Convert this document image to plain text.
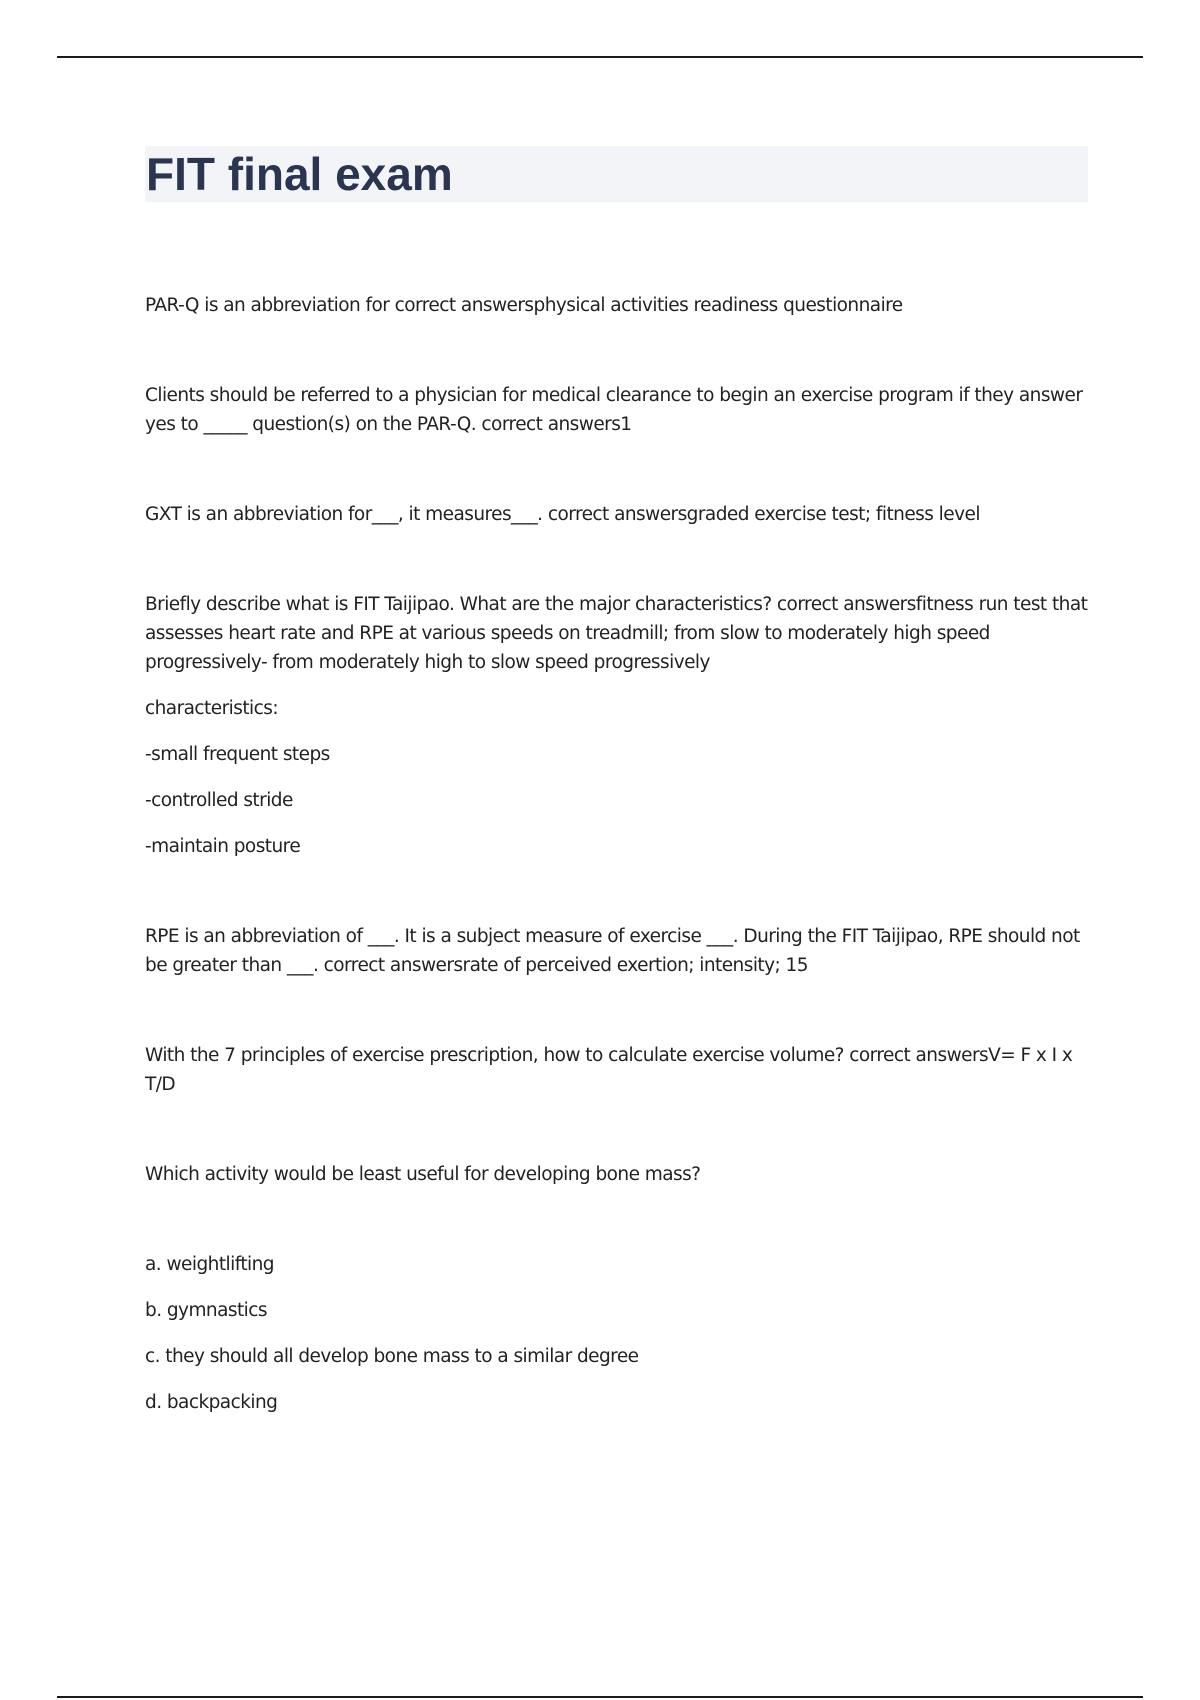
FIT final exam

PAR-Q is an abbreviation for correct answersphysical activities readiness questionnaire

Clients should be referred to a physician for medical clearance to begin an exercise program if they answer yes to _____ question(s) on the PAR-Q. correct answers1

GXT is an abbreviation for___, it measures___. correct answersgraded exercise test; fitness level

Briefly describe what is FIT Taijipao. What are the major characteristics? correct answersfitness run test that assesses heart rate and RPE at various speeds on treadmill; from slow to moderately high speed progressively- from moderately high to slow speed progressively

characteristics:

-small frequent steps

-controlled stride

-maintain posture

RPE is an abbreviation of ___. It is a subject measure of exercise ___. During the FIT Taijipao, RPE should not be greater than ___. correct answersrate of perceived exertion; intensity; 15

With the 7 principles of exercise prescription, how to calculate exercise volume? correct answersV= F x I x T/D

Which activity would be least useful for developing bone mass?

a. weightlifting

b. gymnastics

c. they should all develop bone mass to a similar degree

d. backpacking
